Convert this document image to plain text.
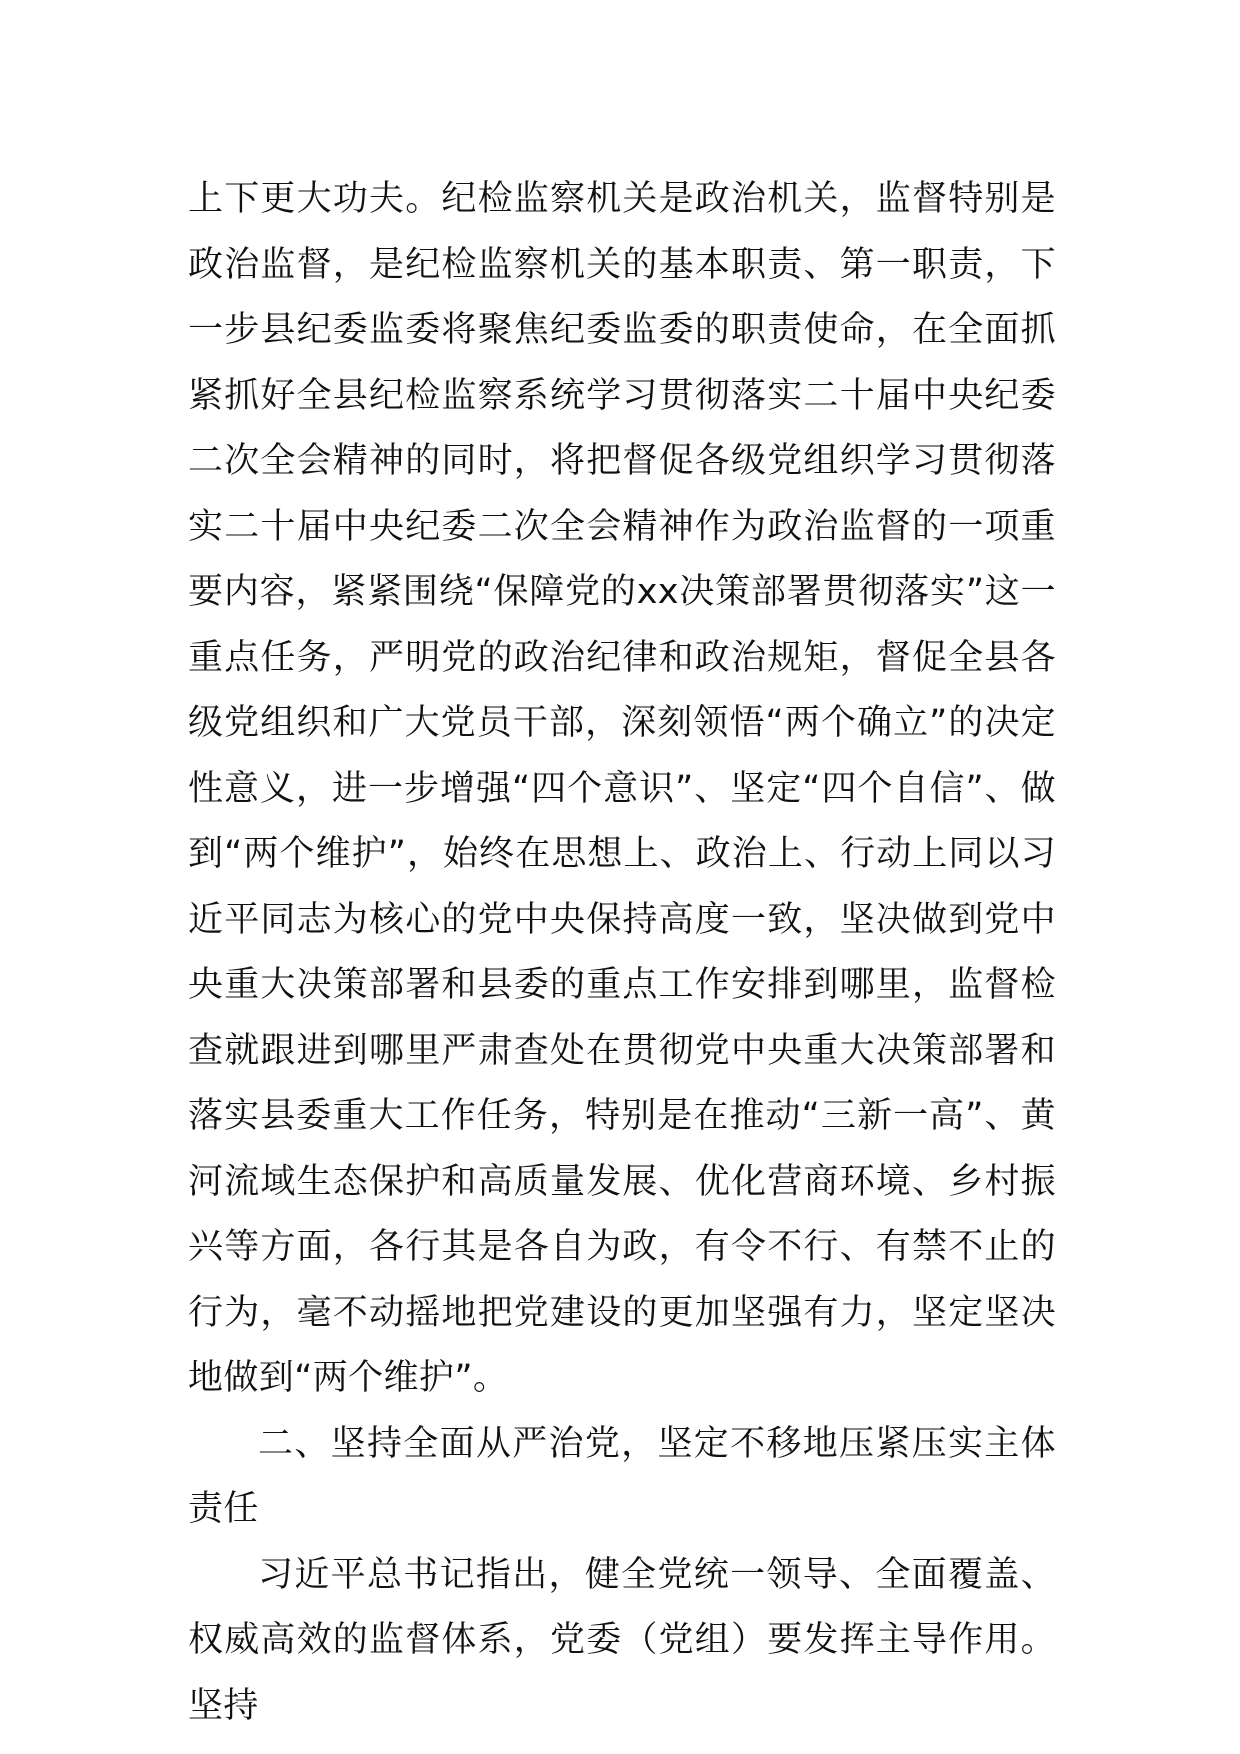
上下更大功夫。纪检监察机关是政治机关，监督特别是政治监督，是纪检监察机关的基本职责、第一职责，下一步县纪委监委将聚焦纪委监委的职责使命，在全面抓紧抓好全县纪检监察系统学习贯彻落实二十届中央纪委二次全会精神的同时，将把督促各级党组织学习贯彻落实二十届中央纪委二次全会精神作为政治监督的一项重要内容，紧紧围绕“保障党的xx决策部署贯彻落实”这一重点任务，严明党的政治纪律和政治规矩，督促全县各级党组织和广大党员干部，深刻领悟“两个确立”的决定性意义，进一步增强“四个意识”、坚定“四个自信”、做到“两个维护”，始终在思想上、政治上、行动上同以习近平同志为核心的党中央保持高度一致，坚决做到党中央重大决策部署和县委的重点工作安排到哪里，监督检查就跟进到哪里严肃查处在贯彻党中央重大决策部署和落实县委重大工作任务，特别是在推动“三新一高”、黄河流域生态保护和高质量发展、优化营商环境、乡村振兴等方面，各行其是各自为政，有令不行、有禁不止的行为，毫不动摇地把党建设的更加坚强有力，坚定坚决地做到“两个维护”。

二、坚持全面从严治党，坚定不移地压紧压实主体责任

习近平总书记指出，健全党统一领导、全面覆盖、权威高效的监督体系，党委（党组）要发挥主导作用。坚持
